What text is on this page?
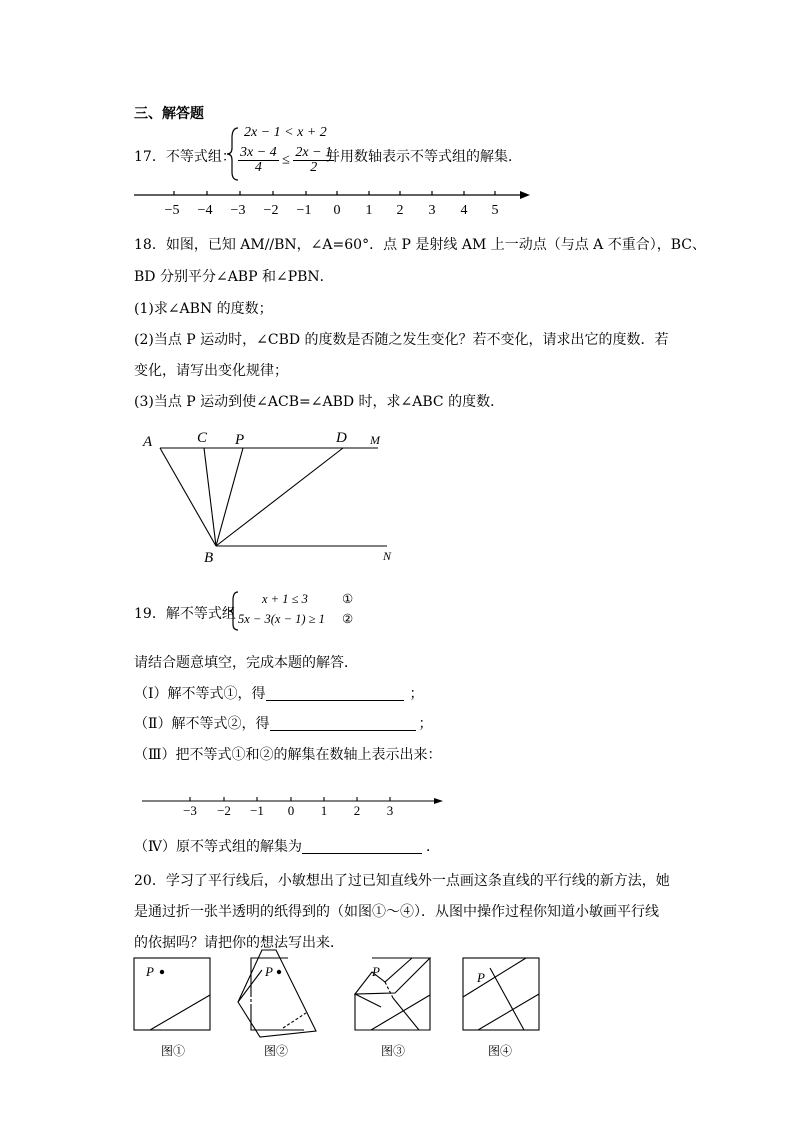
三、解答题
17．不等式组：
2x − 1 < x + 2
$\frac{3x - 4}{4} \le \frac{2x - 1}{2}$
并用数轴表示不等式组的解集．
−5 −4 −3 −2 −1 0 1 2 3 4 5
18．如图，已知 AM//BN，∠A=60°．点 P 是射线 AM 上一动点（与点 A 不重合），BC、
BD 分别平分∠ABP 和∠PBN．
(1)求∠ABN 的度数；
(2)当点 P 运动时，∠CBD 的度数是否随之发生变化？若不变化，请求出它的度数．若
变化，请写出变化规律；
(3)当点 P 运动到使∠ACB=∠ABD 时，求∠ABC 的度数．
A	C P	D M
B	N
19．解不等式组
x + 1 ≤ 3	①
5x − 3(x − 1) ≥ 1 ②
请结合题意填空，完成本题的解答．
（Ⅰ）解不等式①，得	；
（Ⅱ）解不等式②，得	；
（Ⅲ）把不等式①和②的解集在数轴上表示出来：
−3 −2 −1 0 1 2 3
（Ⅳ）原不等式组的解集为	．
20．学习了平行线后，小敏想出了过已知直线外一点画这条直线的平行线的新方法，她
是通过折一张半透明的纸得到的（如图①～④）．从图中操作过程你知道小敏画平行线
的依据吗？请把你的想法写出来．
P	P	P	P
图①	图②	图③	图④
